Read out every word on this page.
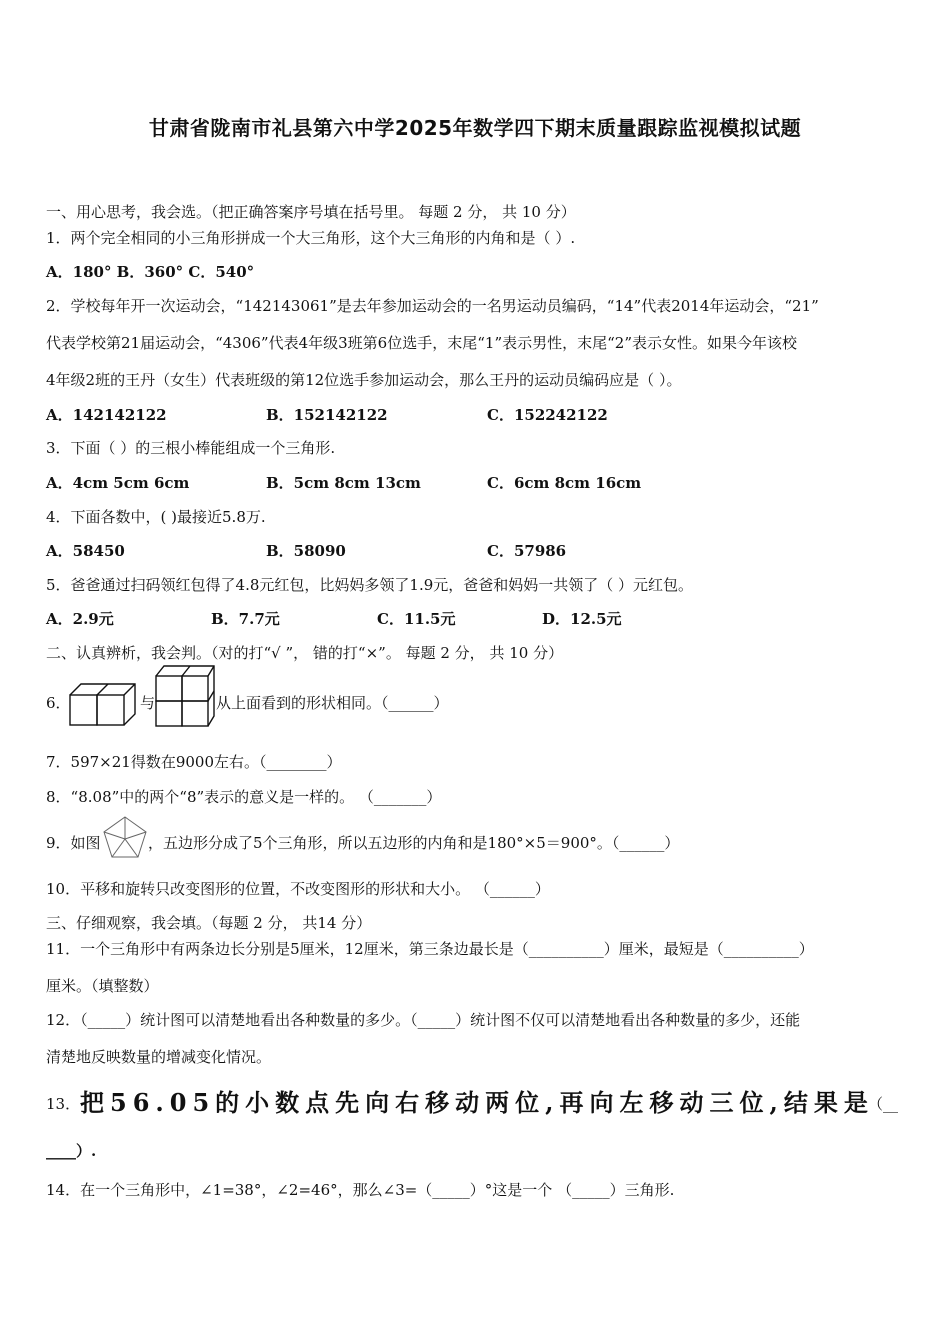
甘肃省陇南市礼县第六中学2025年数学四下期末质量跟踪监视模拟试题
一、用心思考，我会选。（把正确答案序号填在括号里。 每题 2 分， 共 10 分）
1．两个完全相同的小三角形拼成一个大三角形，这个大三角形的内角和是（ ）.
A．180° B．360° C．540°
2．学校每年开一次运动会，“142143061”是去年参加运动会的一名男运动员编码，“14”代表2014年运动会，“21”
代表学校第21届运动会，“4306”代表4年级3班第6位选手，末尾“1”表示男性，末尾“2”表示女性。如果今年该校
4年级2班的王丹（女生）代表班级的第12位选手参加运动会，那么王丹的运动员编码应是（ ）。
A．142142122	B．152142122	C．152242122
3．下面（ ）的三根小棒能组成一个三角形.
A．4cm 5cm 6cm	B．5cm 8cm 13cm	C．6cm 8cm 16cm
4．下面各数中，( )最接近5.8万.
A．58450	B．58090	C．57986
5．爸爸通过扫码领红包得了4.8元红包，比妈妈多领了1.9元，爸爸和妈妈一共领了（ ）元红包。
A．2.9元	B．7.7元	C．11.5元	D．12.5元
二、认真辨析，我会判。（对的打“√ ”， 错的打“×”。 每题 2 分， 共 10 分）
6．	与	从上面看到的形状相同。（______）
7．597×21得数在9000左右。（________）
8．“8.08”中的两个“8”表示的意义是一样的。 （_______）
9．如图	，五边形分成了5个三角形，所以五边形的内角和是180°×5＝900°。（______）
10．平移和旋转只改变图形的位置，不改变图形的形状和大小。 （______）
三、仔细观察，我会填。（每题 2 分， 共14 分）
11．一个三角形中有两条边长分别是5厘米，12厘米，第三条边最长是（__________）厘米，最短是（__________）
厘米。（填整数）
12．（_____）统计图可以清楚地看出各种数量的多少。（_____）统计图不仅可以清楚地看出各种数量的多少，还能
清楚地反映数量的增减变化情况。
13． 把56.05的小数点先向右移动两位,再向左移动三位,结果是
（__
____）.
14．在一个三角形中，∠1=38°，∠2=46°，那么∠3=（_____）°这是一个 （_____）三角形.
